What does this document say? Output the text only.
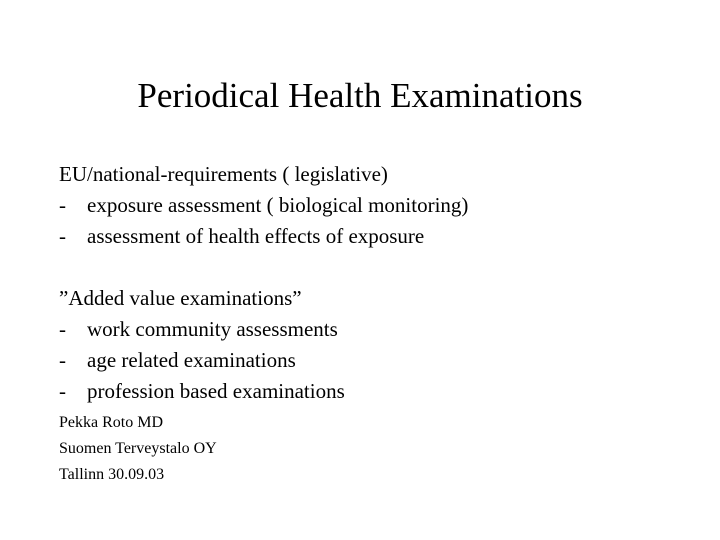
Periodical Health Examinations
EU/national-requirements ( legislative)
-	exposure assessment ( biological monitoring)
-	assessment of health effects of exposure
”Added value examinations”
-	work community assessments
-	age related examinations
-	profession based examinations
Pekka Roto MD
Suomen Terveystalo OY
Tallinn 30.09.03
